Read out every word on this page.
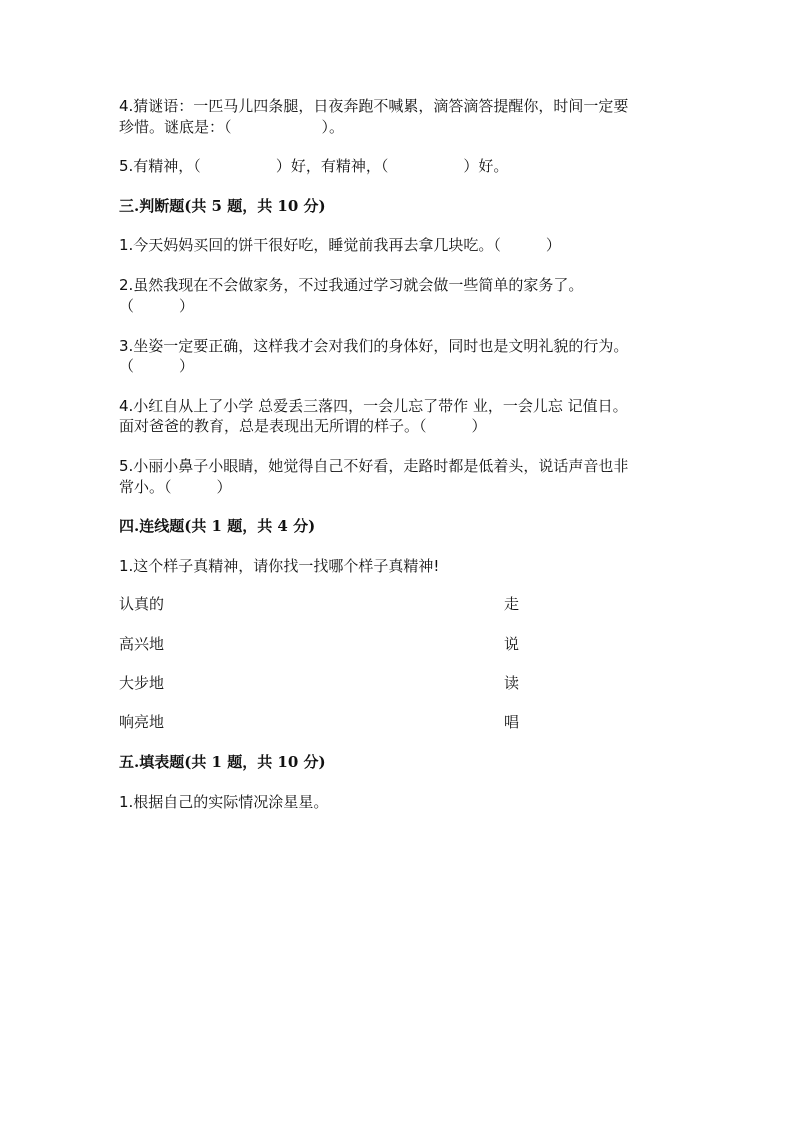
4.猜谜语：一匹马儿四条腿，日夜奔跑不喊累，滴答滴答提醒你，时间一定要
珍惜。谜底是：（　　　　　　）。
5.有精神，（　　　　　）好，有精神，（　　　　　）好。
三.判断题(共 5 题，共 10 分)
1.今天妈妈买回的饼干很好吃，睡觉前我再去拿几块吃。（　　　）
2.虽然我现在不会做家务，不过我通过学习就会做一些简单的家务了。
（　　　）
3.坐姿一定要正确，这样我才会对我们的身体好，同时也是文明礼貌的行为。
（　　　）
4.小红自从上了小学 总爱丢三落四，一会儿忘了带作 业，一会儿忘 记值日。
面对爸爸的教育，总是表现出无所谓的样子。（　　　）
5.小丽小鼻子小眼睛，她觉得自己不好看，走路时都是低着头，说话声音也非
常小。（　　　）
四.连线题(共 1 题，共 4 分)
1.这个样子真精神，请你找一找哪个样子真精神!
认真的	走
高兴地	说
大步地	读
响亮地	唱
五.填表题(共 1 题，共 10 分)
1.根据自己的实际情况涂星星。
